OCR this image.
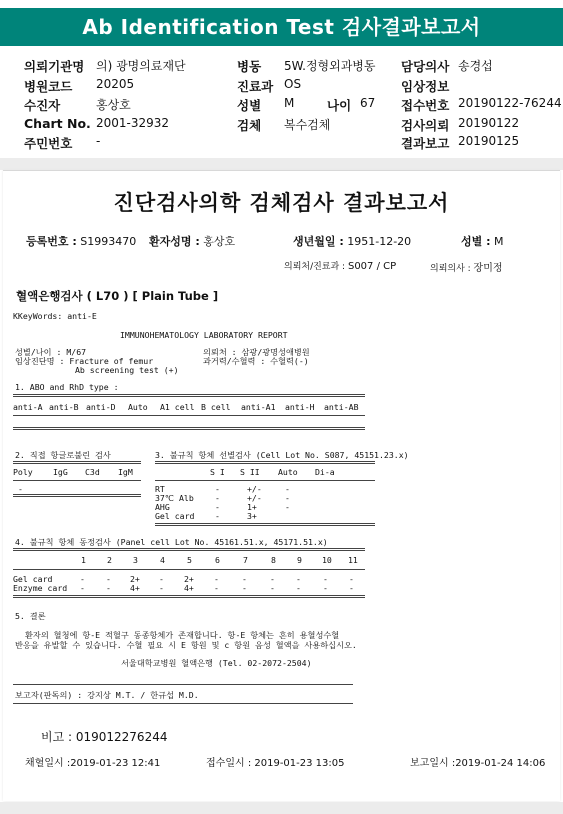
Ab Identification Test 검사결과보고서
의뢰기관명 의) 광명의료재단
병원코드 20205
수진자	홍상호
Chart No. 2001-32932
주민번호 -
병동 5W.정형외과병동
진료과 OS
성별 M	나이 67
검체 복수검체
담당의사 송경섭
임상정보
접수번호 20190122-76244
검사의뢰 20190122
결과보고 20190125
진단검사의학 검체검사 결과보고서
등록번호 : S1993470 환자성명 : 홍상호	생년월일 : 1951-12-20	성별 : M
의뢰처/진료과 : S007 / CP	의뢰의사 : 장미정
혈액은행검사 ( L70 ) [ Plain Tube ]
KKeyWords: anti-E
IMMUNOHEMATOLOGY LABORATORY REPORT
성별/나이 : M/67
임상진단명 : Fracture of femur
Ab screening test (+)
의뢰처 : 삼광/광명성애병원
과거력/수혈력 : 수혈력(-)
1. ABO and RhD type :
anti-A anti-B anti-D Auto A1 cell B cell anti-A1 anti-H anti-AB
2. 직접 항글로불린 검사
Poly IgG C3d IgM
-
3. 불규칙 항체 선별검사 (Cell Lot No. S087, 45151.23.x)
S I S II Auto Di-a
RT	-	+/-	-
37℃ Alb	-	+/-	-
AHG	-	1+	-
Gel card	-	3+
4. 불규칙 항체 동정검사 (Panel cell Lot No. 45161.51.x, 45171.51.x)
1	2	3	4	5	6	7	8	9 10 11
Gel card	-	- 2+ - 2+ -	-	-	-	-	-
Enzyme card -	- 4+ - 4+ -	-	-	-	-	-
5. 결론
환자의 혈청에 항-E 적혈구 동종항체가 존재합니다. 항-E 항체는 흔히 용혈성수혈
반응을 유발할 수 있습니다. 수혈 필요 시 E 항원 및 c 항원 음성 혈액을 사용하십시오.
서울대학교병원 혈액은행 (Tel. 02-2072-2504)
보고자(판독의) : 강지상 M.T. / 한규섭 M.D.
비고 : 019012276244
채혈일시 :2019-01-23 12:41	접수일시 : 2019-01-23 13:05	보고일시 :2019-01-24 14:06
